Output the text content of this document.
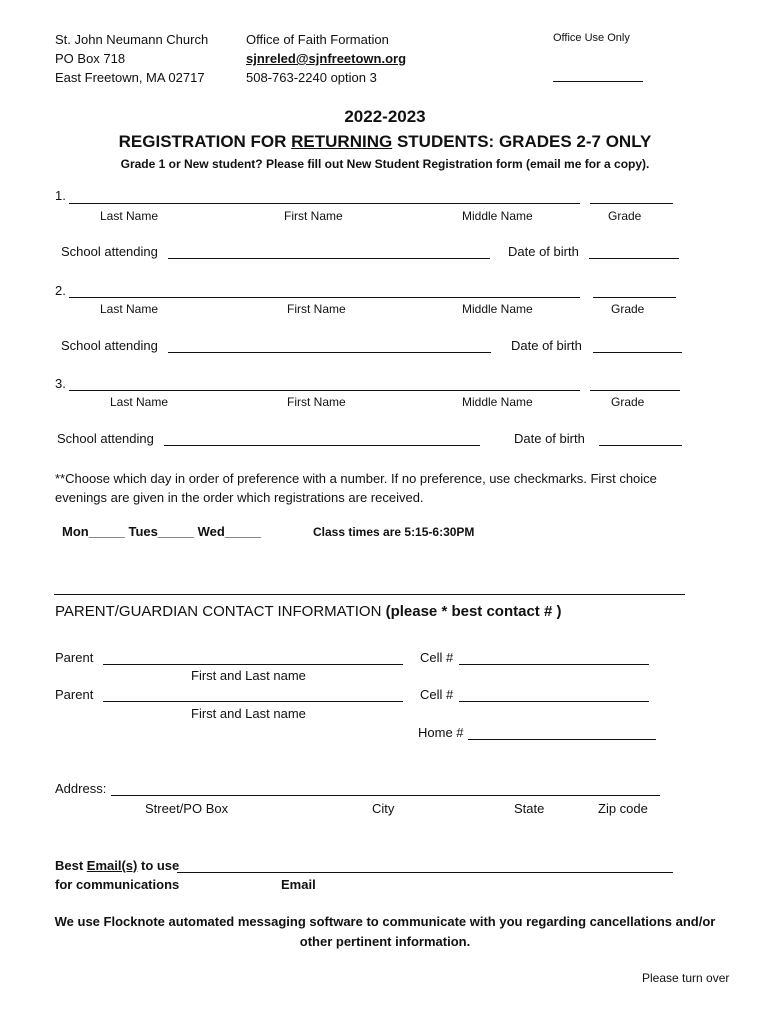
St. John Neumann Church
PO Box 718
East Freetown, MA 02717
Office of Faith Formation
sjnreled@sjnfreetown.org
508-763-2240 option 3
Office Use Only
2022-2023
REGISTRATION FOR RETURNING STUDENTS: GRADES 2-7 ONLY
Grade 1 or New student? Please fill out New Student Registration form (email me for a copy).
1.
Last Name	First Name	Middle Name	Grade
School attending	Date of birth
2.
Last Name	First Name	Middle Name	Grade
School attending	Date of birth
3.
Last Name	First Name	Middle Name	Grade
School attending	Date of birth
**Choose which day in order of preference with a number. If no preference, use checkmarks. First choice
evenings are given in the order which registrations are received.
Mon_____ Tues_____ Wed_____	Class times are 5:15-6:30PM
PARENT/GUARDIAN CONTACT INFORMATION (please * best contact # )
Parent
First and Last name
Cell #
Parent
First and Last name
Cell #
Home #
Address:
Street/PO Box	City	State	Zip code
Best Email(s) to use
for communications	Email
We use Flocknote automated messaging software to communicate with you regarding cancellations and/or
other pertinent information.
Please turn over
